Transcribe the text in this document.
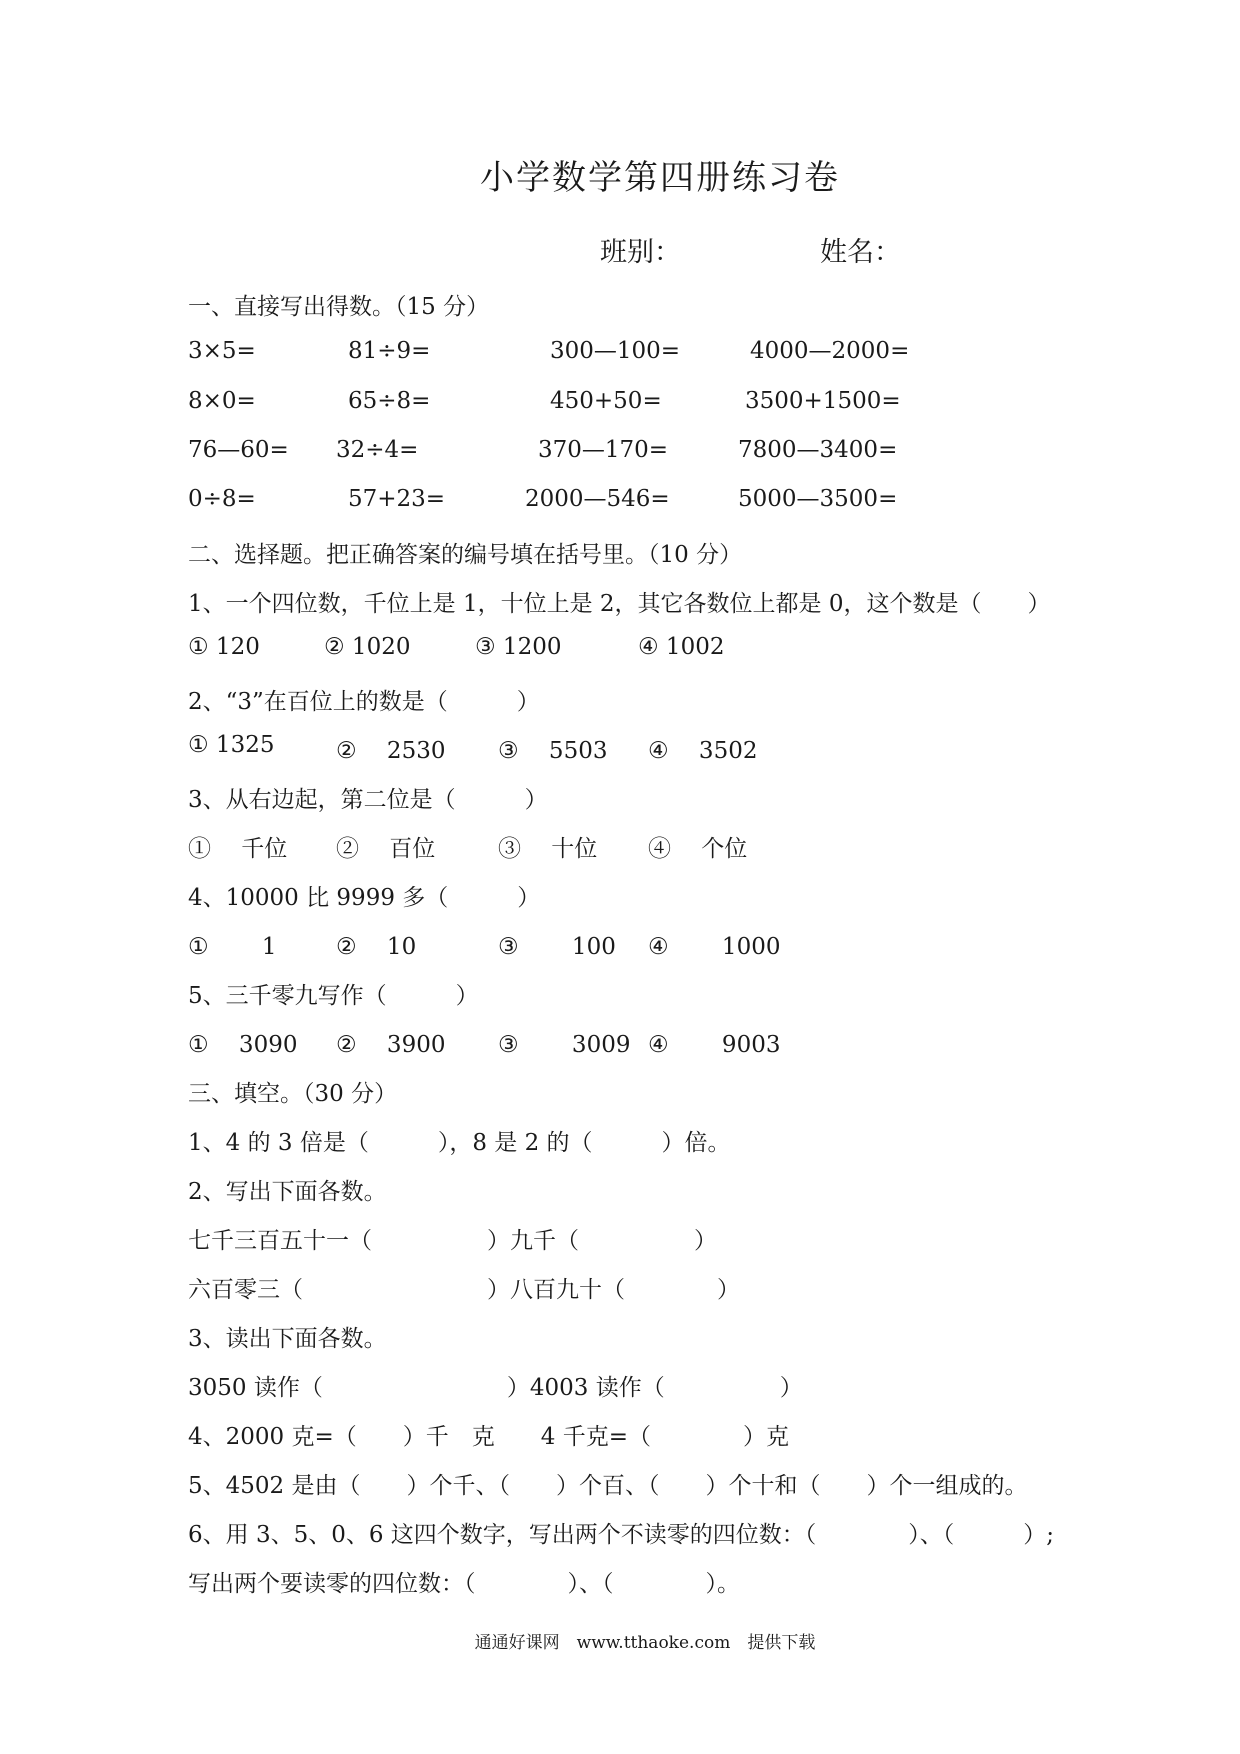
小学数学第四册练习卷
班别：	姓名：
一、直接写出得数。（15 分）
3×5=	81÷9=	300—100=	4000—2000=
8×0=	65÷8=	450+50=	3500+1500=
76—60= 32÷4=	370—170=	7800—3400=
0÷8=	57+23=	2000—546=	5000—3500=
二、选择题。把正确答案的编号填在括号里。（10 分）
1、一个四位数，千位上是 1，十位上是 2，其它各数位上都是 0，这个数是（　　）
① 120	② 1020	③ 1200	④ 1002
2、“3”在百位上的数是（　　　）
① 1325	② 　2530 ③ 　5503 ④ 　3502
3、从右边起，第二位是（　　　）
① 　千位 ② 　百位	③ 　十位 ④ 　个位
4、10000 比 9999 多（　　　）
① 　　1	② 　10	③ 　　100 ④ 　　1000
5、三千零九写作（　　　）
① 　3090 ② 　3900 ③ 　　3009 ④ 　　9003
三、填空。（30 分）
1、4 的 3 倍是（　　　），8 是 2 的（　　　）倍。
2、写出下面各数。
七千三百五十一（　　　　　）九千（　　　　　）
六百零三（　　　　　　　　）八百九十（　　　　）
3、读出下面各数。
3050 读作（　　　　　　　　）4003 读作（　　　　　）
4、2000 克=（　　）千　克　　4 千克=（　　　　）克
5、4502 是由（　　）个千、（　　）个百、（　　）个十和（　　）个一组成的。
6、用 3、5、0、6 这四个数字，写出两个不读零的四位数：（　　　　）、（　　　）;
写出两个要读零的四位数：（　　　　）、（　　　　）。
通通好课网　www.tthaoke.com　提供下载
